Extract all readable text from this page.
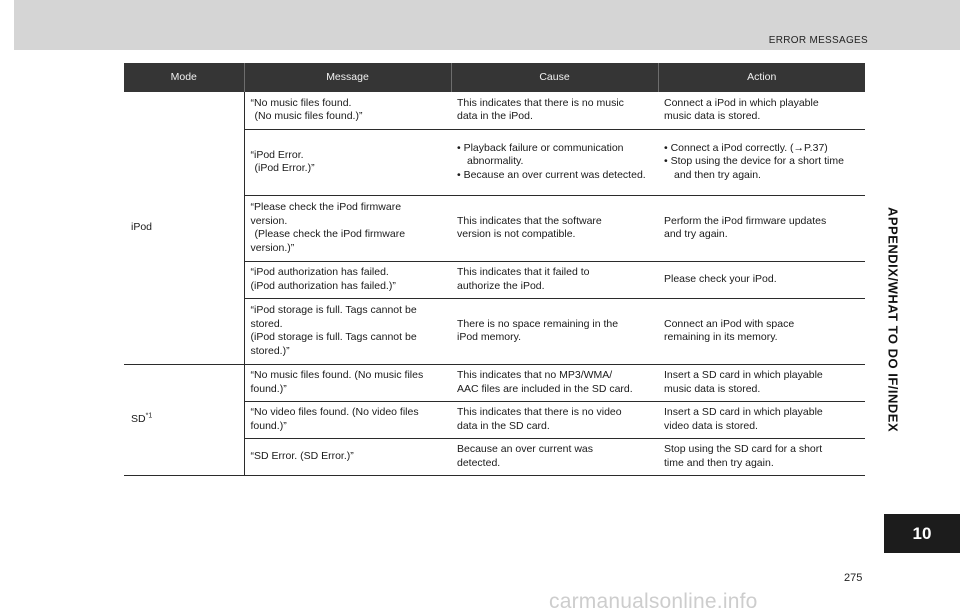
ERROR MESSAGES
Mode	Message	Cause	Action
iPod	“No music files found.
(No music files found.)”	This indicates that there is no music
data in the iPod.	Connect a iPod in which playable
music data is stored.

	“iPod Error.
(iPod Error.)”	• Playback failure or communication abnormality.
• Because an over current was detected.	• Connect a iPod correctly. (→P.37)
• Stop using the device for a short time and then try again.

	“Please check the iPod firmware
version.
(Please check the iPod firmware
version.)”	This indicates that the software
version is not compatible.	Perform the iPod firmware updates
and try again.

	“iPod authorization has failed.
(iPod authorization has failed.)”	This indicates that it failed to
authorize the iPod.	Please check your iPod.

	“iPod storage is full. Tags cannot be
stored.
(iPod storage is full. Tags cannot be
stored.)”	There is no space remaining in the
iPod memory.	Connect an iPod with space
remaining in its memory.

SD$^{*1}$	“No music files found. (No music files
found.)”	This indicates that no MP3/WMA/
AAC files are included in the SD card.	Insert a SD card in which playable
music data is stored.

	“No video files found. (No video files
found.)”	This indicates that there is no video
data in the SD card.	Insert a SD card in which playable
video data is stored.

	“SD Error. (SD Error.)”	Because an over current was
detected.	Stop using the SD card for a short
time and then try again.
APPENDIX/WHAT TO DO IF/INDEX
10
275
carmanualsonline.info
